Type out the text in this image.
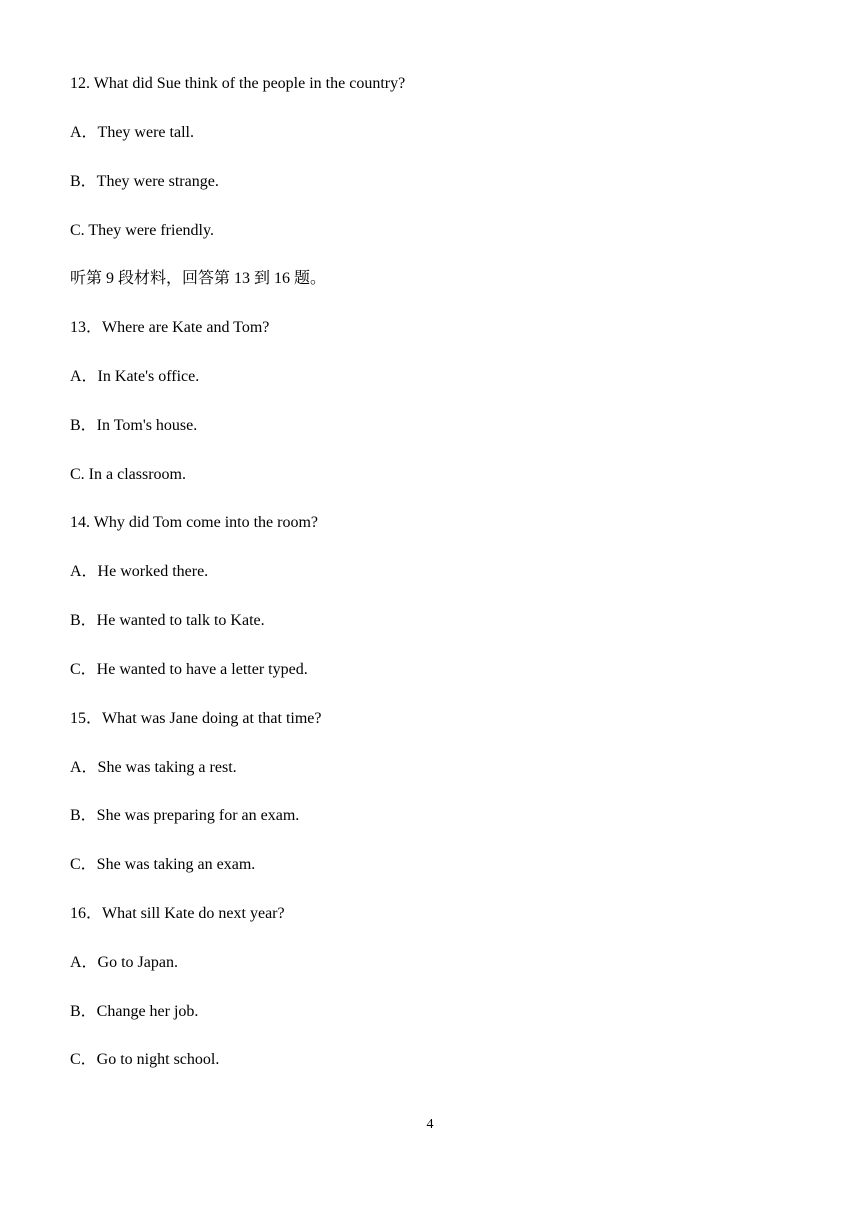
12. What did Sue think of the people in the country?
A．They were tall.
B．They were strange.
C. They were friendly.
听第 9 段材料，回答第 13 到 16 题。
13．Where are Kate and Tom?
A．In Kate's office.
B．In Tom's house.
C. In a classroom.
14. Why did Tom come into the room?
A．He worked there.
B．He wanted to talk to Kate.
C．He wanted to have a letter typed.
15．What was Jane doing at that time?
A．She was taking a rest.
B．She was preparing for an exam.
C．She was taking an exam.
16．What sill Kate do next year?
A．Go to Japan.
B．Change her job.
C．Go to night school.
4
